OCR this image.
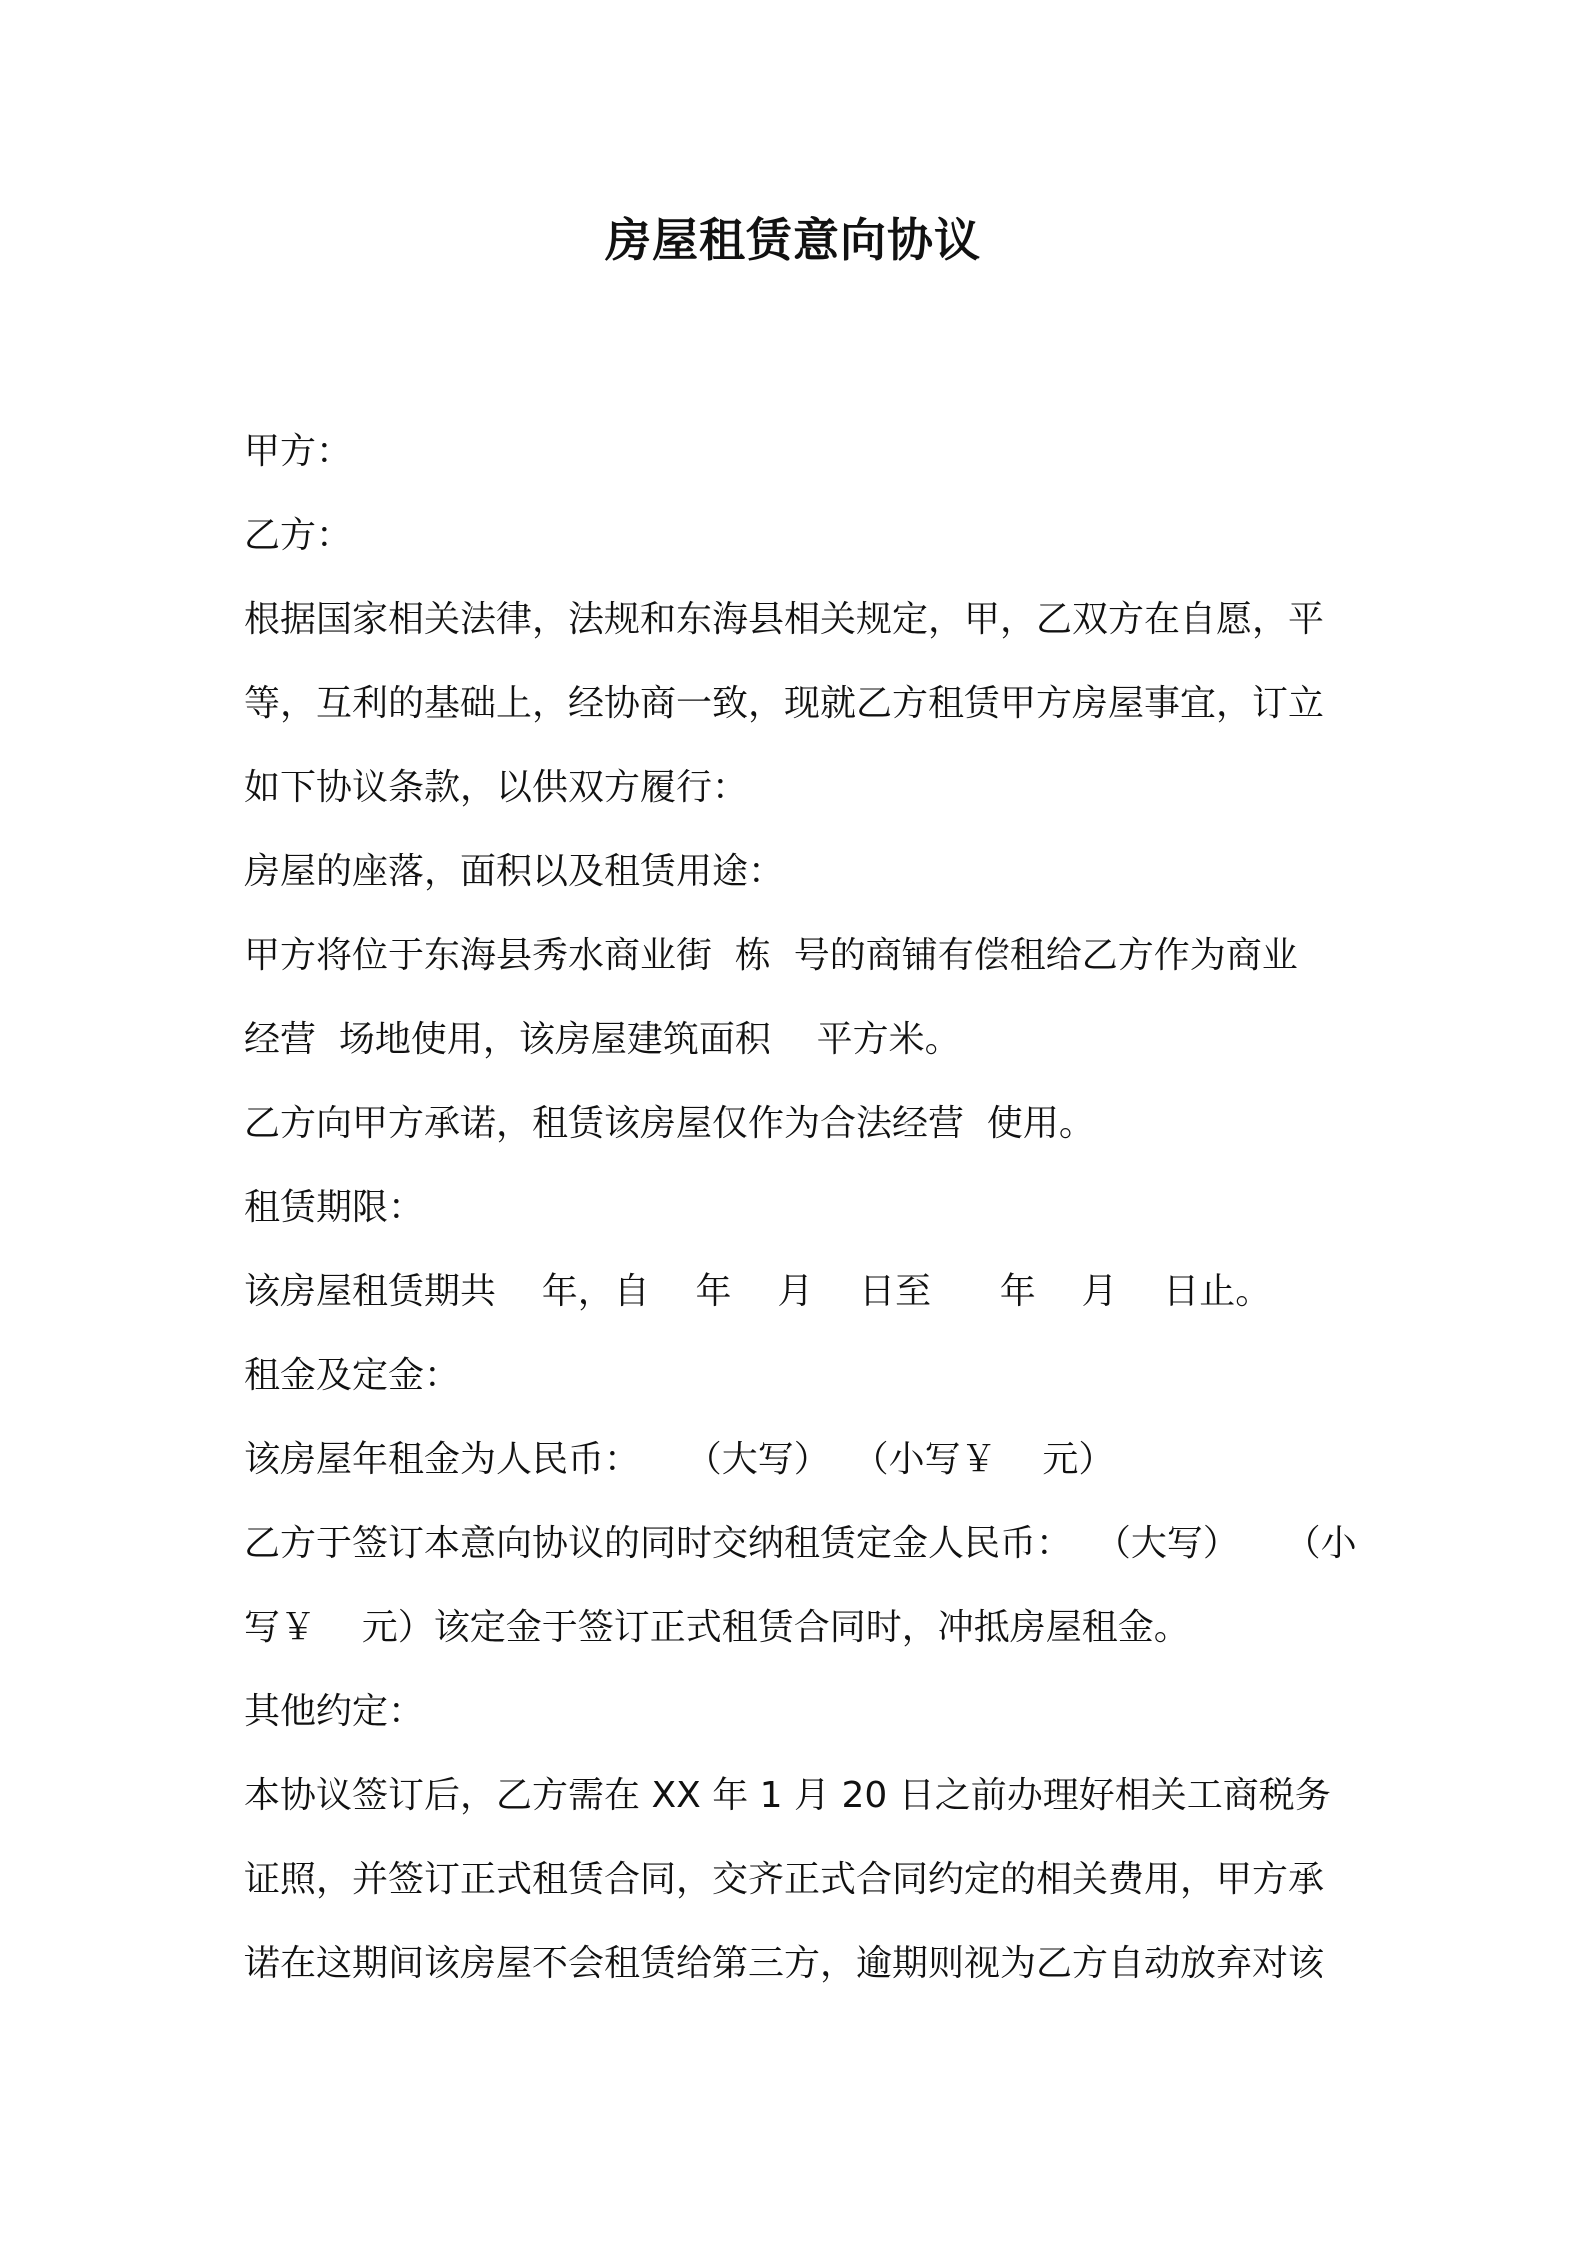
房屋租赁意向协议

甲方：

乙方：

根据国家相关法律，法规和东海县相关规定，甲，乙双方在自愿，平

等，互利的基础上，经协商一致，现就乙方租赁甲方房屋事宜，订立

如下协议条款，以供双方履行：

房屋的座落，面积以及租赁用途：

甲方将位于东海县秀水商业街  栋  号的商铺有偿租给乙方作为商业

经营  场地使用，该房屋建筑面积    平方米。

乙方向甲方承诺，租赁该房屋仅作为合法经营  使用。

租赁期限：

该房屋租赁期共    年，自    年    月    日至      年    月    日止。

租金及定金：

该房屋年租金为人民币：    （大写）  （小写￥    元）

乙方于签订本意向协议的同时交纳租赁定金人民币：  （大写）    （小

写￥    元）该定金于签订正式租赁合同时，冲抵房屋租金。

其他约定：

本协议签订后，乙方需在 XX 年 1 月 20 日之前办理好相关工商税务

证照，并签订正式租赁合同，交齐正式合同约定的相关费用，甲方承

诺在这期间该房屋不会租赁给第三方，逾期则视为乙方自动放弃对该
